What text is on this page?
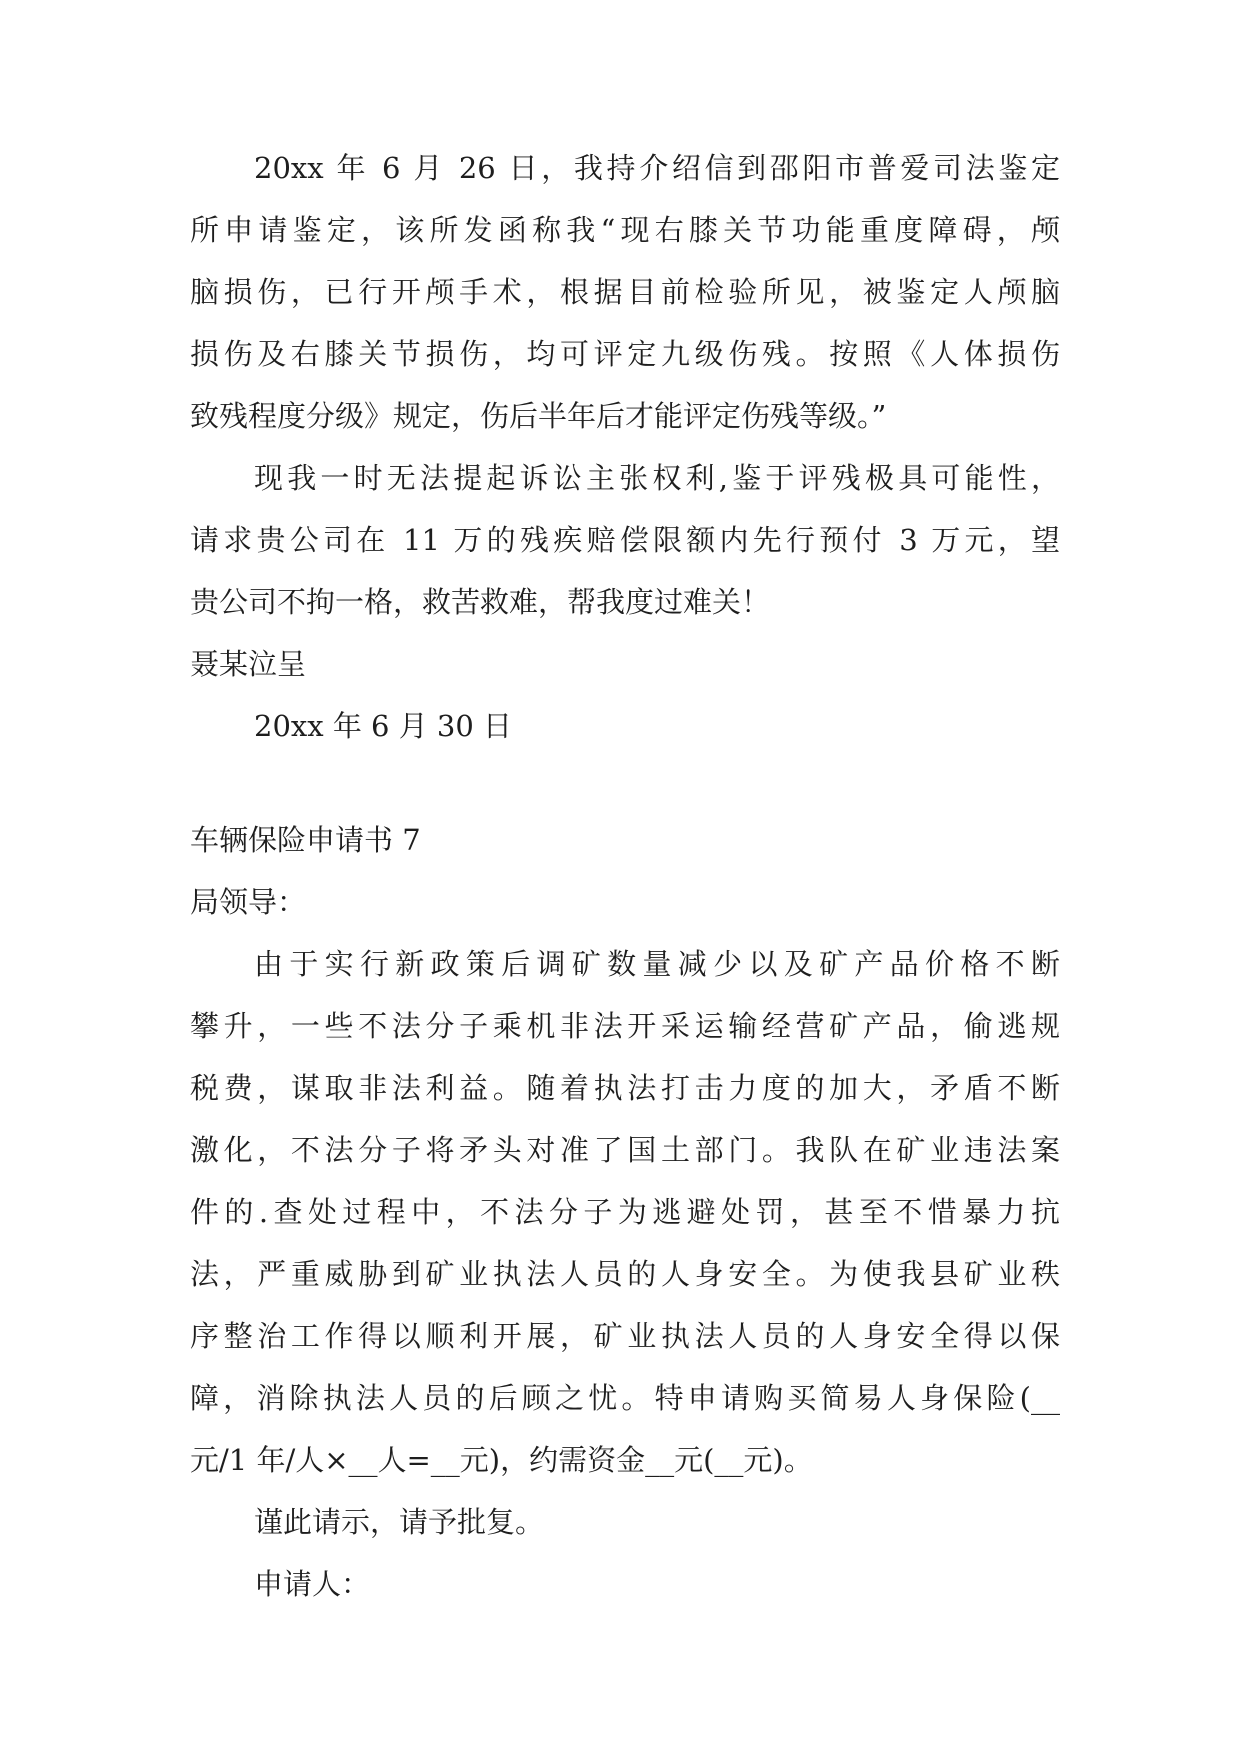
20xx 年 6 月 26 日，我持介绍信到邵阳市普爱司法鉴定
所申请鉴定，该所发函称我“现右膝关节功能重度障碍，颅
脑损伤，已行开颅手术，根据目前检验所见，被鉴定人颅脑
损伤及右膝关节损伤，均可评定九级伤残。按照《人体损伤
致残程度分级》规定，伤后半年后才能评定伤残等级。”
现我一时无法提起诉讼主张权利,鉴于评残极具可能性，
请求贵公司在 11 万的残疾赔偿限额内先行预付 3 万元，望
贵公司不拘一格，救苦救难，帮我度过难关！
聂某泣呈
20xx 年 6 月 30 日
车辆保险申请书 7
局领导：
由于实行新政策后调矿数量减少以及矿产品价格不断
攀升，一些不法分子乘机非法开采运输经营矿产品，偷逃规
税费，谋取非法利益。随着执法打击力度的加大，矛盾不断
激化，不法分子将矛头对准了国土部门。我队在矿业违法案
件的.查处过程中，不法分子为逃避处罚，甚至不惜暴力抗
法，严重威胁到矿业执法人员的人身安全。为使我县矿业秩
序整治工作得以顺利开展，矿业执法人员的人身安全得以保
障，消除执法人员的后顾之忧。特申请购买简易人身保险(__
元/1 年/人×__人=__元)，约需资金__元(__元)。
谨此请示，请予批复。
申请人：
